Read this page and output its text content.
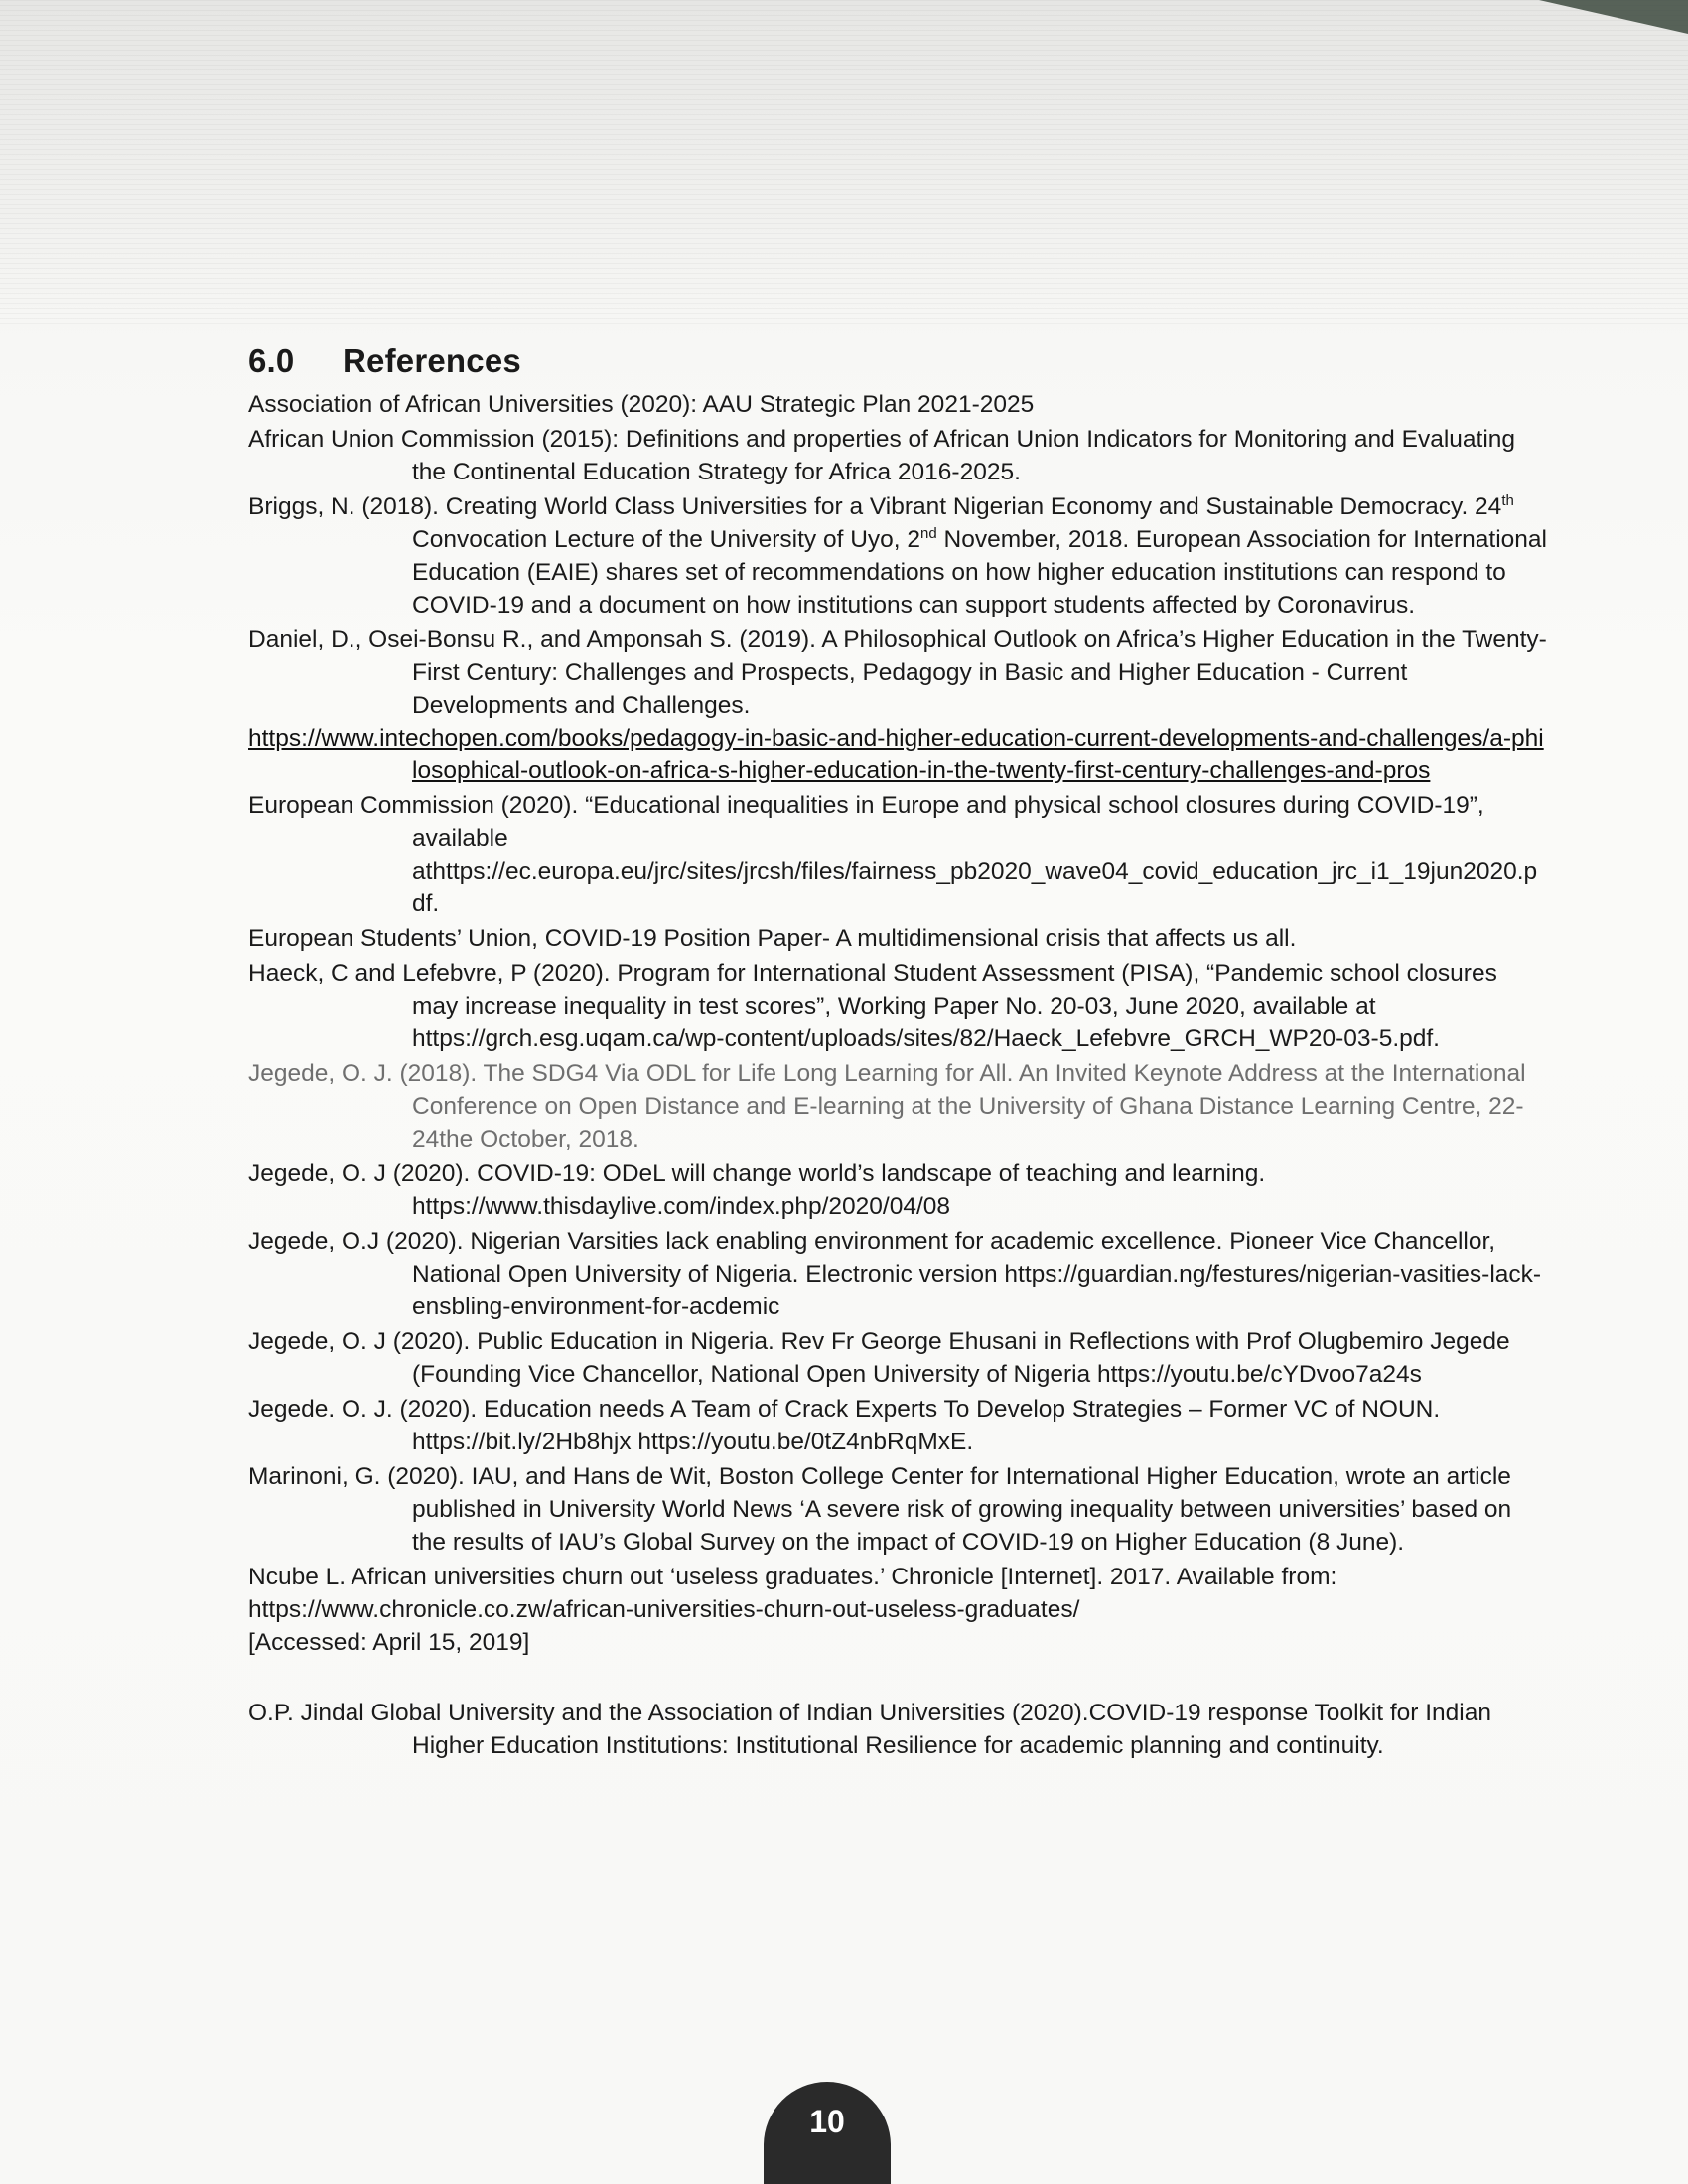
6.0 References

Association of African Universities (2020): AAU Strategic Plan 2021-2025

African Union Commission (2015): Definitions and properties of African Union Indicators for Monitoring and Evaluating the Continental Education Strategy for Africa 2016-2025.

Briggs, N. (2018). Creating World Class Universities for a Vibrant Nigerian Economy and Sustainable Democracy. 24th Convocation Lecture of the University of Uyo, 2nd November, 2018. European Association for International Education (EAIE) shares set of recommendations on how higher education institutions can respond to COVID-19 and a document on how institutions can support students affected by Coronavirus.

Daniel, D., Osei-Bonsu R., and Amponsah S. (2019). A Philosophical Outlook on Africa’s Higher Education in the Twenty-First Century: Challenges and Prospects, Pedagogy in Basic and Higher Education - Current Developments and Challenges.
https://www.intechopen.com/books/pedagogy-in-basic-and-higher-education-current-developments-and-challenges/a-philosophical-outlook-on-africa-s-higher-education-in-the-twenty-first-century-challenges-and-pros

European Commission (2020). “Educational inequalities in Europe and physical school closures during COVID-19”, available athttps://ec.europa.eu/jrc/sites/jrcsh/files/fairness_pb2020_wave04_covid_education_jrc_i1_19jun2020.pdf.

European Students’ Union, COVID-19 Position Paper- A multidimensional crisis that affects us all.

Haeck, C and Lefebvre, P (2020). Program for International Student Assessment (PISA), “Pandemic school closures may increase inequality in test scores”, Working Paper No. 20-03, June 2020, available at https://grch.esg.uqam.ca/wp-content/uploads/sites/82/Haeck_Lefebvre_GRCH_WP20-03-5.pdf.

Jegede, O. J. (2018). The SDG4 Via ODL for Life Long Learning for All. An Invited Keynote Address at the International Conference on Open Distance and E-learning at the University of Ghana Distance Learning Centre, 22-24the October, 2018.

Jegede, O. J (2020). COVID-19: ODeL will change world’s landscape of teaching and learning. https://www.thisdaylive.com/index.php/2020/04/08

Jegede, O.J (2020). Nigerian Varsities lack enabling environment for academic excellence. Pioneer Vice Chancellor, National Open University of Nigeria. Electronic version https://guardian.ng/festures/nigerian-vasities-lack-ensbling-environment-for-acdemic

Jegede, O. J (2020). Public Education in Nigeria. Rev Fr George Ehusani in Reflections with Prof Olugbemiro Jegede (Founding Vice Chancellor, National Open University of Nigeria https://youtu.be/cYDvoo7a24s

Jegede. O. J. (2020). Education needs A Team of Crack Experts To Develop Strategies – Former VC of NOUN. https://bit.ly/2Hb8hjx https://youtu.be/0tZ4nbRqMxE.

Marinoni, G. (2020). IAU, and Hans de Wit, Boston College Center for International Higher Education, wrote an article published in University World News ‘A severe risk of growing inequality between universities’ based on the results of IAU’s Global Survey on the impact of COVID-19 on Higher Education (8 June).

Ncube L. African universities churn out ‘useless graduates.’ Chronicle [Internet]. 2017. Available from:
https://www.chronicle.co.zw/african-universities-churn-out-useless-graduates/
[Accessed: April 15, 2019]

O.P. Jindal Global University and the Association of Indian Universities (2020).COVID-19 response Toolkit for Indian Higher Education Institutions: Institutional Resilience for academic planning and continuity.

10
